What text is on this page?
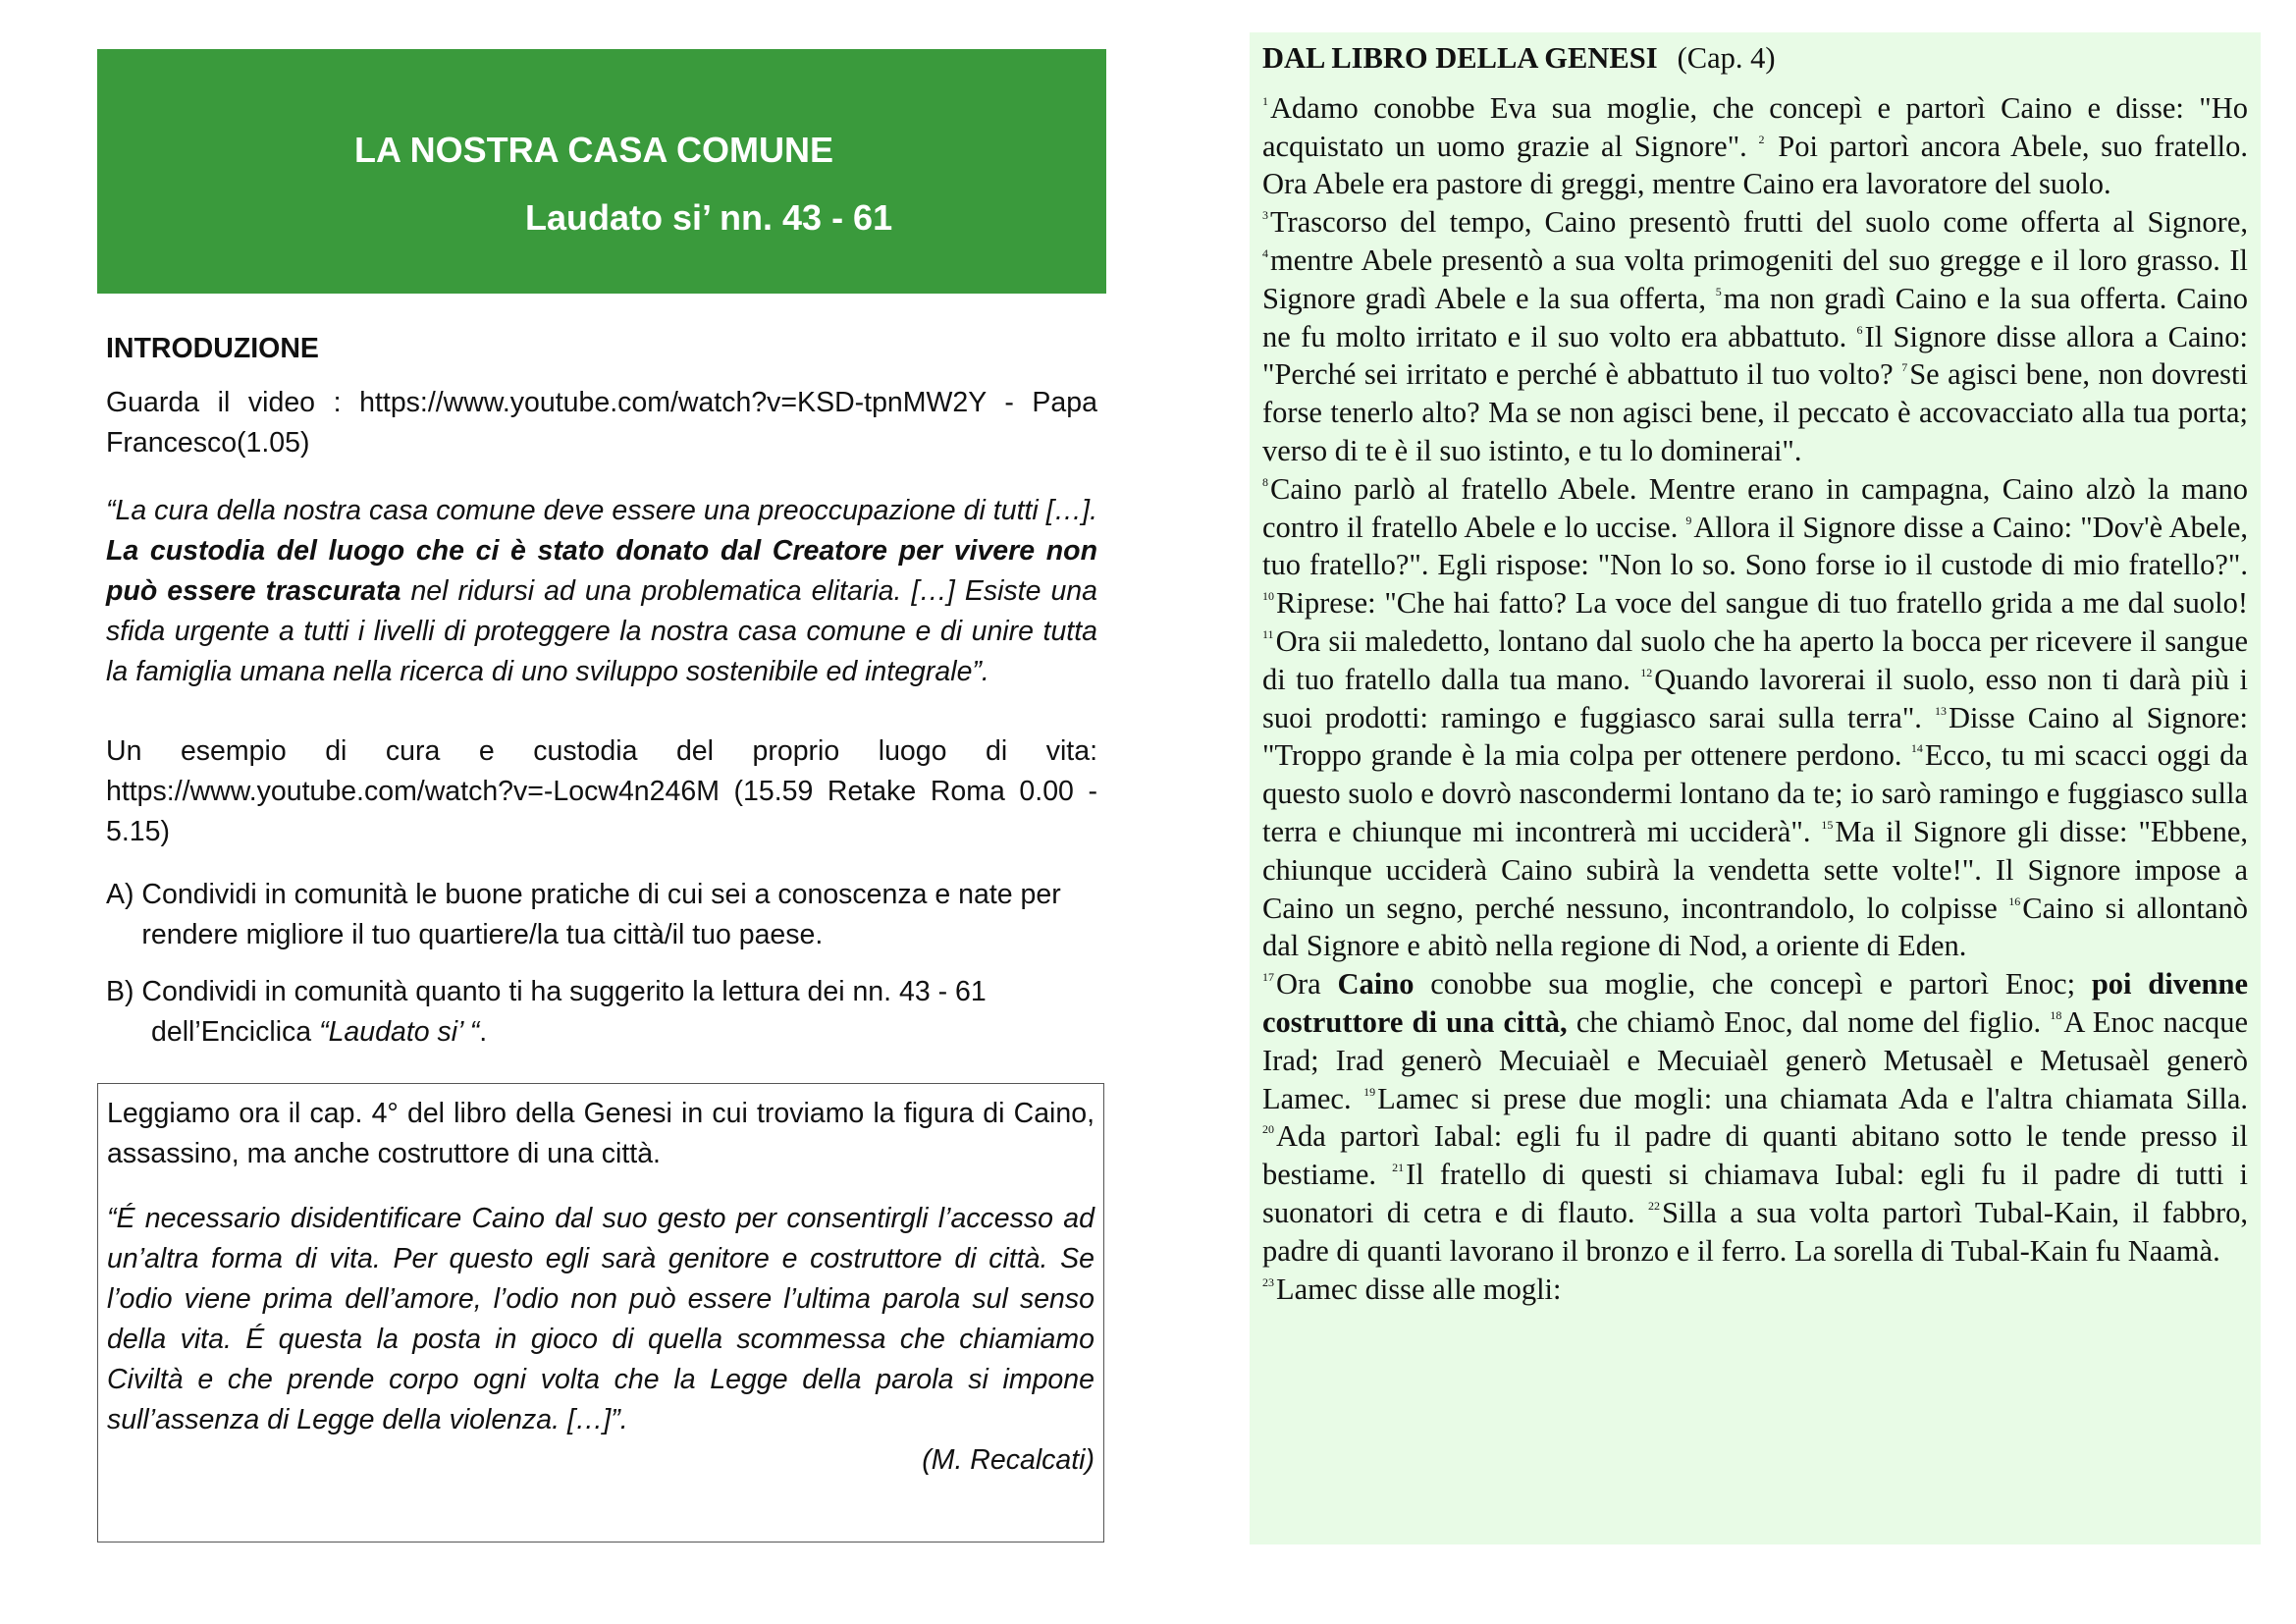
LA NOSTRA CASA COMUNE
Laudato si’ nn. 43 - 61
INTRODUZIONE
Guarda il video : https://www.youtube.com/watch?v=KSD-tpnMW2Y - Papa Francesco(1.05)
“La cura della nostra casa comune deve essere una preoccupazione di tutti […]. La custodia del luogo che ci è stato donato dal Creatore per vivere non può essere trascurata nel ridursi ad una problematica elitaria. […] Esiste una sfida urgente a tutti i livelli di proteggere la nostra casa comune e di unire tutta la famiglia umana nella ricerca di uno sviluppo sostenibile ed integrale”.
Un esempio di cura e custodia del proprio luogo di vita: https://www.youtube.com/watch?v=-Locw4n246M (15.59 Retake Roma 0.00 - 5.15)
A) Condividi in comunità le buone pratiche di cui sei a conoscenza e nate per rendere migliore il tuo quartiere/la tua città/il tuo paese.
B) Condividi in comunità quanto ti ha suggerito la lettura dei nn. 43 - 61
dell’Enciclica “Laudato si’ “.
Leggiamo ora il cap. 4° del libro della Genesi in cui troviamo la figura di Caino, assassino, ma anche costruttore di una città.
“É necessario disidentificare Caino dal suo gesto per consentirgli l’accesso ad un’altra forma di vita. Per questo egli sarà genitore e costruttore di città. Se l’odio viene prima dell’amore, l’odio non può essere l’ultima parola sul senso della vita. É questa la posta in gioco di quella scommessa che chiamiamo Civiltà e che prende corpo ogni volta che la Legge della parola si impone sull’assenza di Legge della violenza. […]”.
(M. Recalcati)
DAL LIBRO DELLA GENESI (Cap. 4)

$^1$Adamo conobbe Eva sua moglie, che concepì e partorì Caino e disse: "Ho acquistato un uomo grazie al Signore". $^2$ Poi partorì ancora Abele, suo fratello. Ora Abele era pastore di greggi, mentre Caino era lavoratore del suolo.

$^3$Trascorso del tempo, Caino presentò frutti del suolo come offerta al Signore, $^4$mentre Abele presentò a sua volta primogeniti del suo gregge e il loro grasso. Il Signore gradì Abele e la sua offerta, $^5$ma non gradì Caino e la sua offerta. Caino ne fu molto irritato e il suo volto era abbattuto. $^6$Il Signore disse allora a Caino: "Perché sei irritato e perché è abbattuto il tuo volto? $^7$Se agisci bene, non dovresti forse tenerlo alto? Ma se non agisci bene, il peccato è accovacciato alla tua porta; verso di te è il suo istinto, e tu lo dominerai".

$^8$Caino parlò al fratello Abele. Mentre erano in campagna, Caino alzò la mano contro il fratello Abele e lo uccise. $^9$Allora il Signore disse a Caino: "Dov'è Abele, tuo fratello?". Egli rispose: "Non lo so. Sono forse io il custode di mio fratello?". $^{10}$Riprese: "Che hai fatto? La voce del sangue di tuo fratello grida a me dal suolo! $^{11}$Ora sii maledetto, lontano dal suolo che ha aperto la bocca per ricevere il sangue di tuo fratello dalla tua mano. $^{12}$Quando lavorerai il suolo, esso non ti darà più i suoi prodotti: ramingo e fuggiasco sarai sulla terra". $^{13}$Disse Caino al Signore: "Troppo grande è la mia colpa per ottenere perdono. $^{14}$Ecco, tu mi scacci oggi da questo suolo e dovrò nascondermi lontano da te; io sarò ramingo e fuggiasco sulla terra e chiunque mi incontrerà mi ucciderà". $^{15}$Ma il Signore gli disse: "Ebbene, chiunque ucciderà Caino subirà la vendetta sette volte!". Il Signore impose a Caino un segno, perché nessuno, incontrandolo, lo colpisse $^{16}$Caino si allontanò dal Signore e abitò nella regione di Nod, a oriente di Eden.

$^{17}$Ora Caino conobbe sua moglie, che concepì e partorì Enoc; poi divenne costruttore di una città, che chiamò Enoc, dal nome del figlio. $^{18}$A Enoc nacque Irad; Irad generò Mecuiaèl e Mecuiaèl generò Metusaèl e Metusaèl generò Lamec. $^{19}$Lamec si prese due mogli: una chiamata Ada e l'altra chiamata Silla. $^{20}$Ada partorì Iabal: egli fu il padre di quanti abitano sotto le tende presso il bestiame. $^{21}$Il fratello di questi si chiamava Iubal: egli fu il padre di tutti i suonatori di cetra e di flauto. $^{22}$Silla a sua volta partorì Tubal-Kain, il fabbro, padre di quanti lavorano il bronzo e il ferro. La sorella di Tubal-Kain fu Naamà.

$^{23}$Lamec disse alle mogli:
